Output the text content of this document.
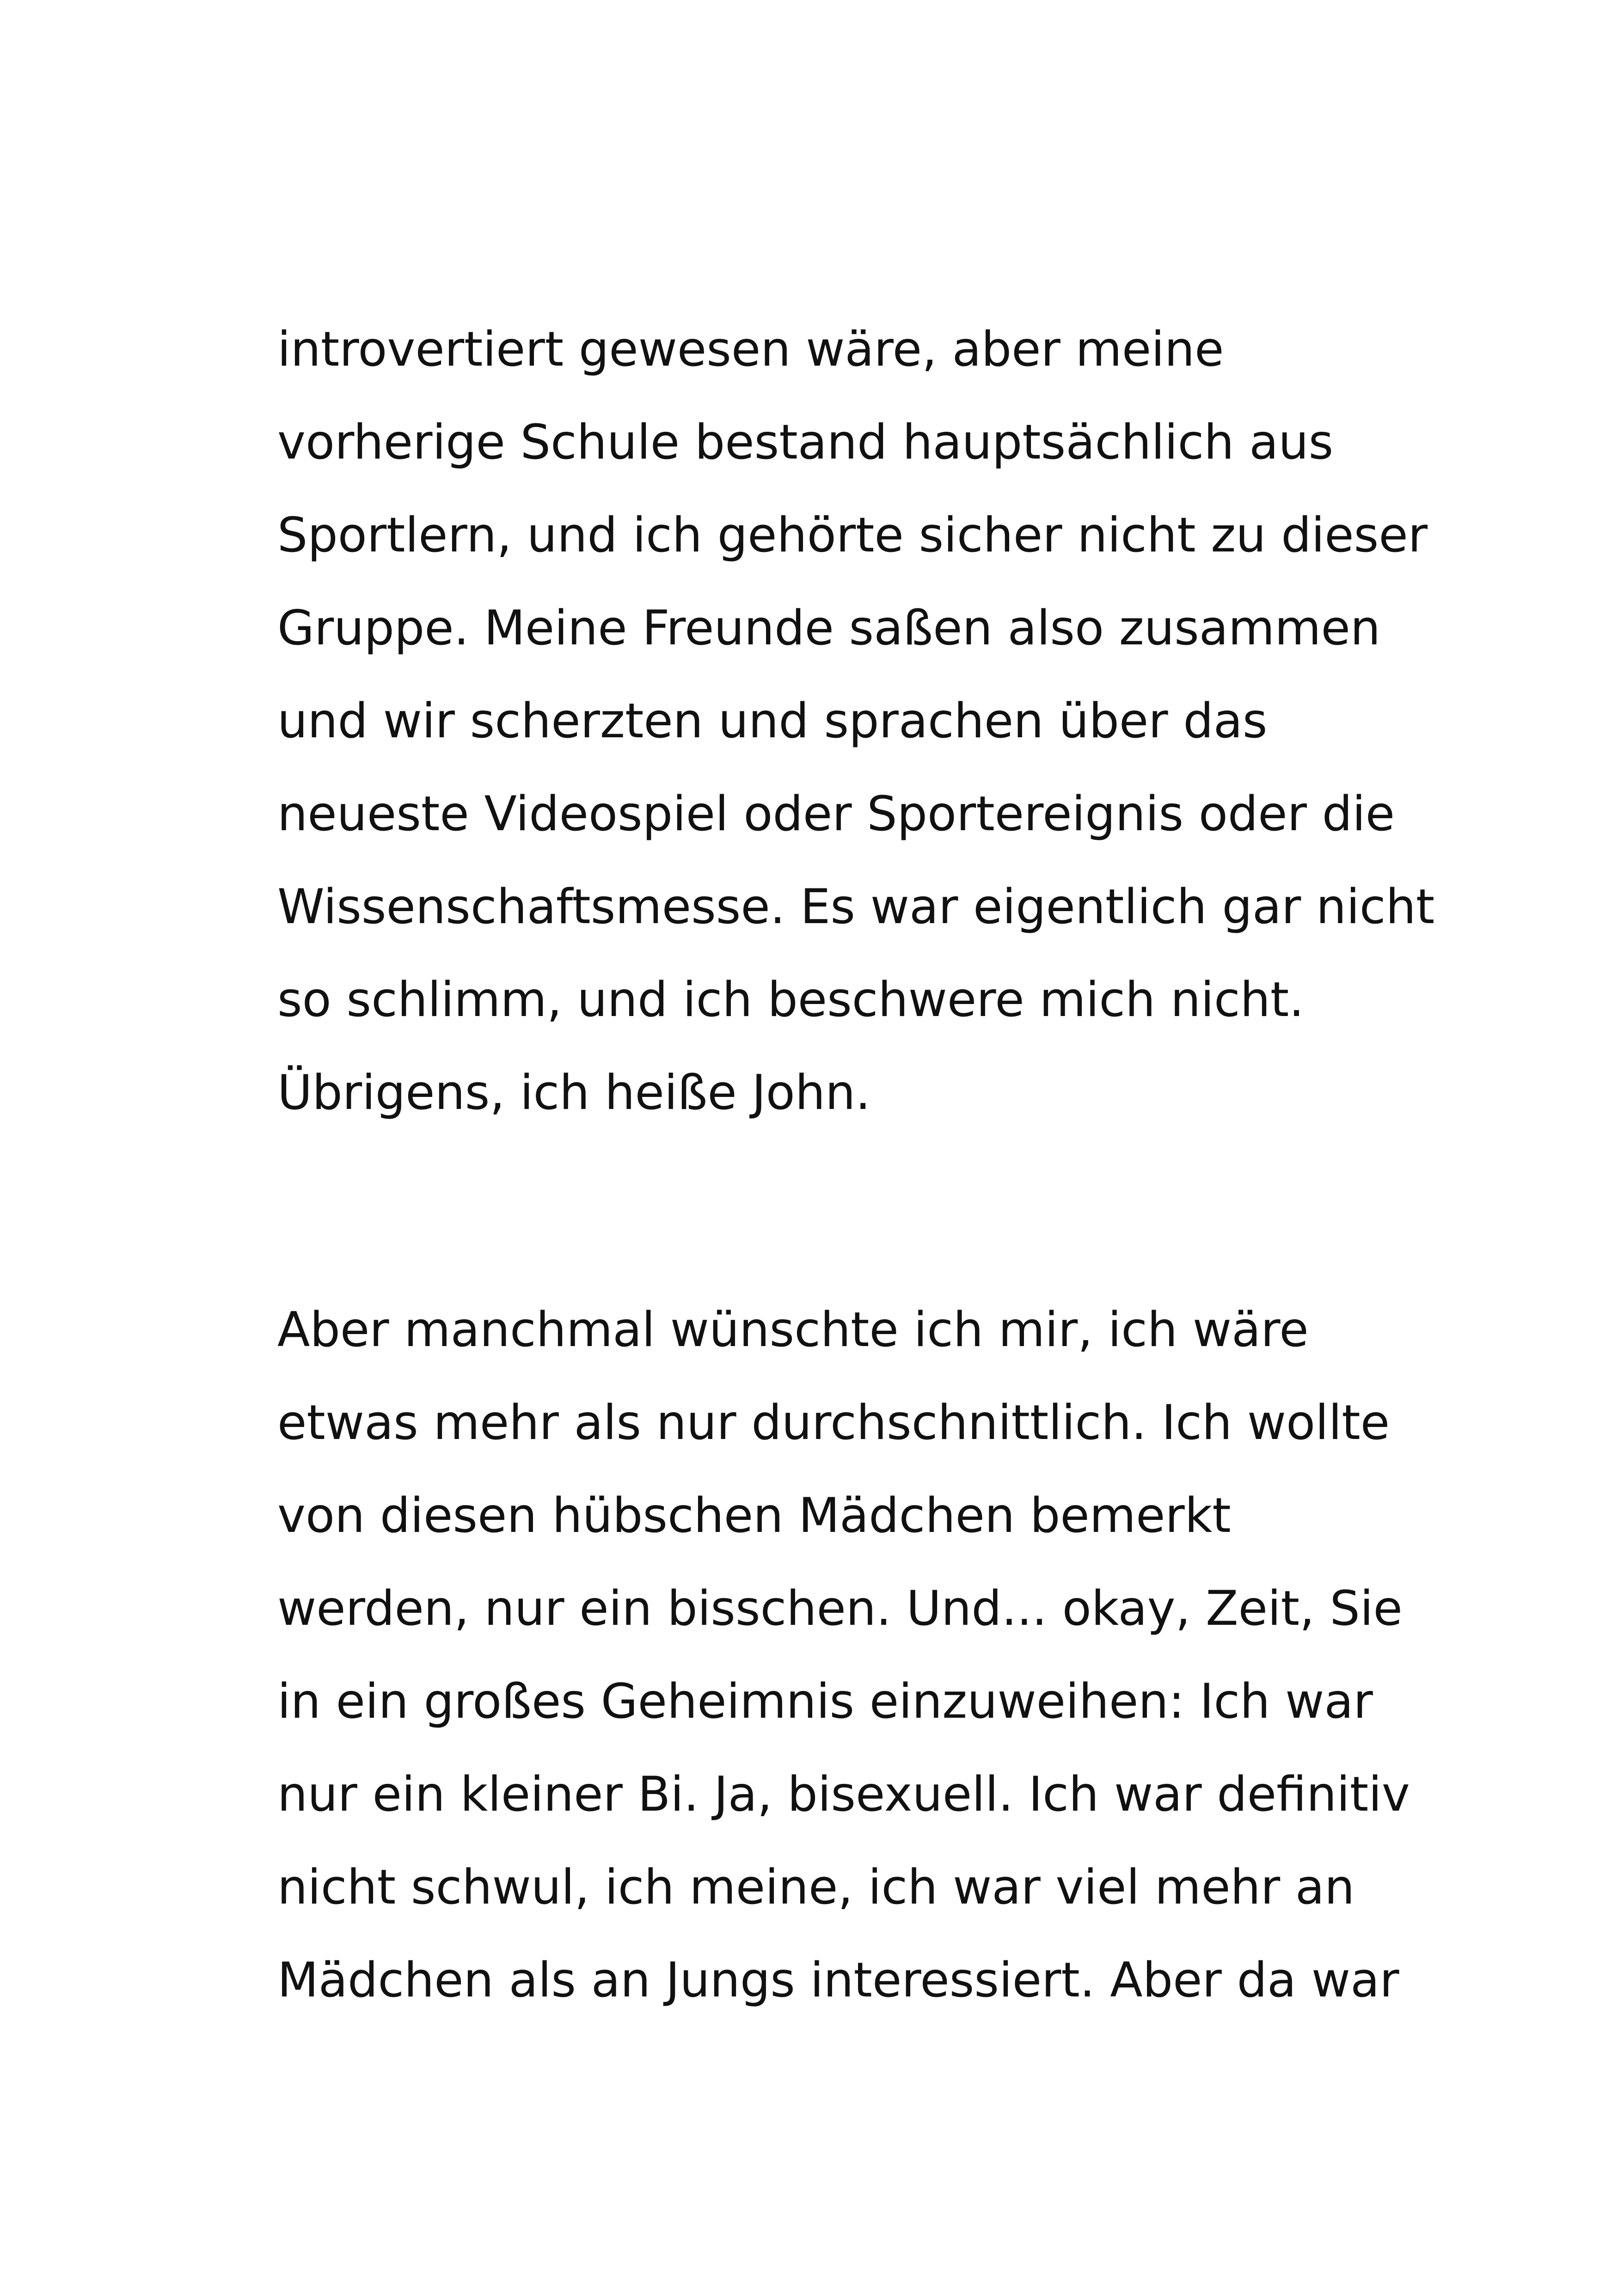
introvertiert gewesen wäre, aber meine
vorherige Schule bestand hauptsächlich aus
Sportlern, und ich gehörte sicher nicht zu dieser
Gruppe. Meine Freunde saßen also zusammen
und wir scherzten und sprachen über das
neueste Videospiel oder Sportereignis oder die
Wissenschaftsmesse. Es war eigentlich gar nicht
so schlimm, und ich beschwere mich nicht.
Übrigens, ich heiße John.
Aber manchmal wünschte ich mir, ich wäre
etwas mehr als nur durchschnittlich. Ich wollte
von diesen hübschen Mädchen bemerkt
werden, nur ein bisschen. Und... okay, Zeit, Sie
in ein großes Geheimnis einzuweihen: Ich war
nur ein kleiner Bi. Ja, bisexuell. Ich war definitiv
nicht schwul, ich meine, ich war viel mehr an
Mädchen als an Jungs interessiert. Aber da war
